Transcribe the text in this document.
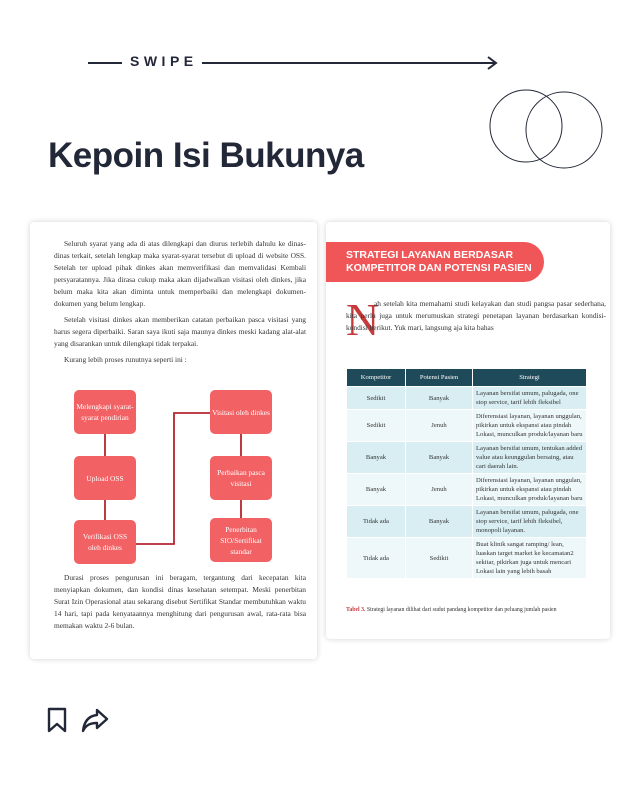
SWIPE
Kepoin Isi Bukunya

Seluruh syarat yang ada di atas dilengkapi dan diurus terlebih dahulu ke dinas-dinas terkait, setelah lengkap maka syarat-syarat tersebut di upload di website OSS. Setelah ter upload pihak dinkes akan memverifikasi dan memvalidasi Kembali persyaratannya. Jika dirasa cukup maka akan dijadwalkan visitasi oleh dinkes, jika belum maka kita akan diminta untuk memperbaiki dan melengkapi dokumen-dokumen yang belum lengkap.

Setelah visitasi dinkes akan memberikan catatan perbaikan pasca visitasi yang harus segera diperbaiki. Saran saya ikuti saja maunya dinkes meski kadang alat-alat yang disarankan untuk dilengkapi tidak terpakai.

Kurang lebih proses runutnya seperti ini :

Melengkapi syarat-syarat pendirian
Upload OSS
Verifikasi OSS oleh dinkes
Visitasi oleh dinkes
Perbaikan pasca visitasi
Penerbitan SIO/Sertifikat standar

Durasi proses pengurusan ini beragam, tergantung dari kecepatan kita menyiapkan dokumen, dan kondisi dinas kesehatan setempat. Meski penerbitan Surat Izin Operasional atau sekarang disebut Sertifikat Standar membutuhkan waktu 14 hari, tapi pada kenyataannya menghitung dari pengurusan awal, rata-rata bisa memakan waktu 2-6 bulan.

STRATEGI LAYANAN BERDASAR
KOMPETITOR DAN POTENSI PASIEN
N

ah setelah kita memahami studi kelayakan dan studi pangsa pasar sederhana, kita perlu juga untuk merumuskan strategi penetapan layanan berdasarkan kondisi-kondisi berikut. Yuk mari, langsung aja kita bahas

Kompetitor	Potensi Pasien	Strategi
Sedikit	Banyak	Layanan bersifat umum, palugada, one stop service, tarif lebih fleksibel
Sedikit	Jenuh	Diferensiasi layanan, layanan unggulan, pikirkan untuk ekspansi atau pindah Lokasi, munculkan produk/layanan baru
Banyak	Banyak	Layanan bersifat umum, tentukan added value atau keunggulan bersaing, atau cari daerah lain.
Banyak	Jenuh	Diferensiasi layanan, layanan unggulan, pikirkan untuk ekspansi atau pindah Lokasi, munculkan produk/layanan baru
Tidak ada	Banyak	Layanan bersifat umum, palugada, one stop service, tarif lebih fleksibel, monopoli layanan.
Tidak ada	Sedikit	Buat klinik sangat ramping/ lean, luaskan target market ke kecamatan2 sekitar, pikirkan juga untuk mencari Lokasi lain yang lebih basah
Tabel 3. Strategi layanan dilihat dari sudut pandang kompetitor dan peluang jumlah pasien
